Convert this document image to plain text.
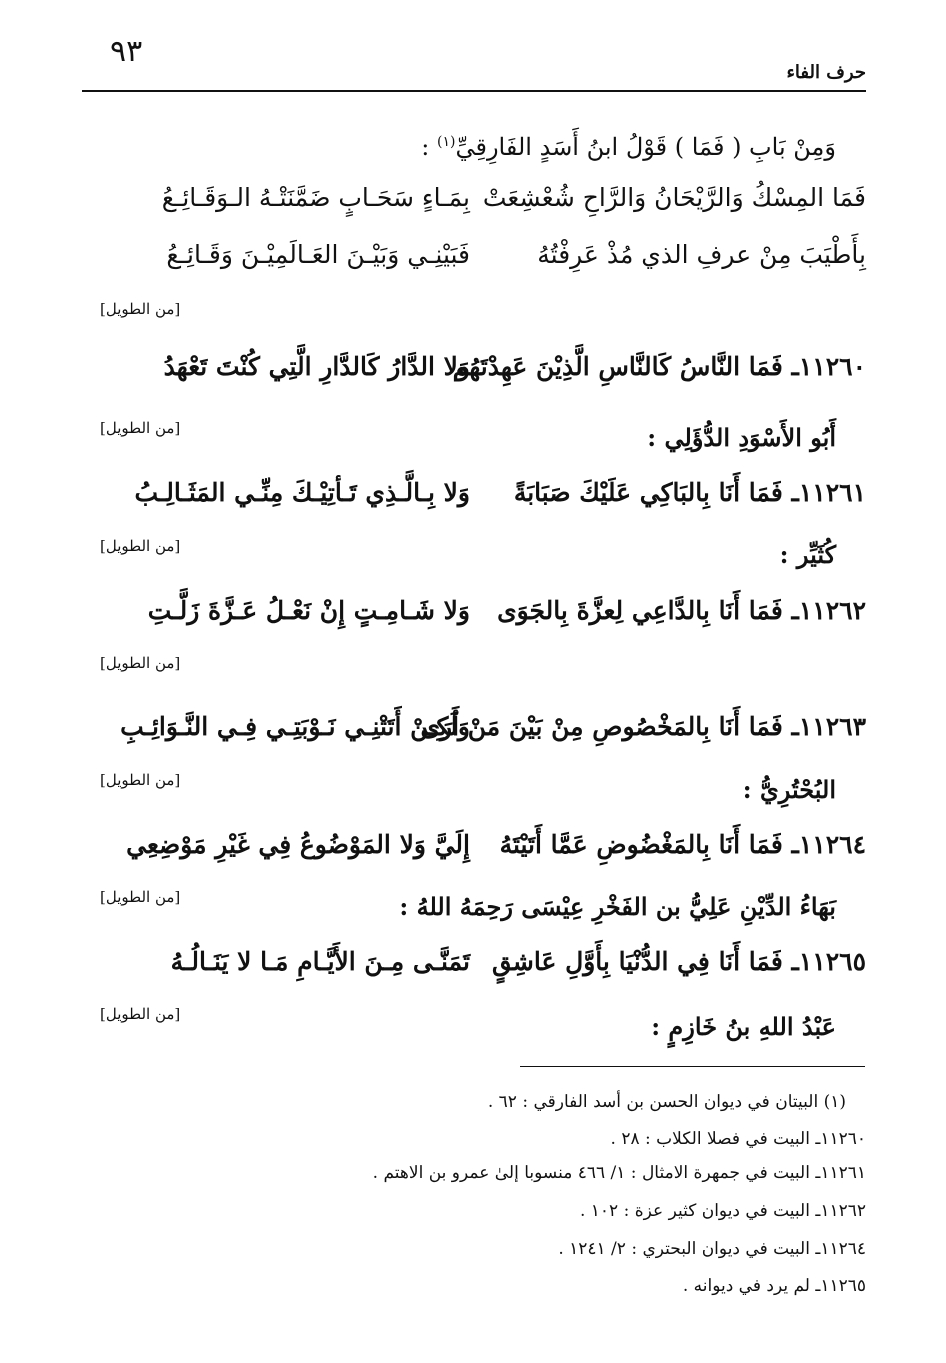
٩٣
حرف الفاء
وَمِنْ بَابِ ( فَمَا ) قَوْلُ ابنُ أَسَدٍ الفَارِقِيِّ$^{(١)}$ :
فَمَا المِسْكُ وَالرَّيْحَانُ وَالرَّاحِ شُعْشِعَتْ
بِمَـاءٍ سَحَـابٍ ضَمَّنَتْـهُ الـوَقَـائِـعُ
بِأَطْيَبَ مِنْ عرفِ الذي مُذْ عَرِفْتُهُ
فَبَيْنِـي وَبَيْـنَ العَـالَمِيْـنَ وَقَـائِـعُ
[من الطويل]
١١٢٦٠ـ فَمَا النَّاسُ كَالنَّاسِ الَّذِيْنَ عَهِدْتَهُم
وَلا الدَّارُ كَالدَّارِ الَّتِي كُنْتَ تَعْهَدُ
أَبُو الأَسْوَدِ الدُّؤَلِي :
[من الطويل]
١١٢٦١ـ فَمَا أَنَا بِالبَاكِي عَلَيْكَ صَبَابَةً
وَلا بِـالَّـذِي تَـأتِيْـكَ مِنِّـي المَثَـالِـبُ
كُثَيِّر :
[من الطويل]
١١٢٦٢ـ فَمَا أَنَا بِالدَّاعِي لِعزَّةَ بِالجَوَى
وَلا شَـامِـتٍ إِنْ نَعْـلُ عَـزَّةَ زَلَّـتِ
[من الطويل]
١١٢٦٣ـ فَمَا أَنَا بِالمَخْصُوصِ مِنْ بَيْنَ مَنْ أَرَى
وَلَكِـنْ أَتَتْنِـي نَـوْبَتِـي فِـي النَّـوَائِـبِ
البُحْتُرِيُّ :
[من الطويل]
١١٢٦٤ـ فَمَا أَنَا بِالمَغْضُوضِ عَمَّا أَتَيْتَهُ
إِلَيَّ وَلا المَوْضُوعُ فِي غَيْرِ مَوْضِعِي
بَهَاءُ الدِّيْنِ عَلِيُّ بن الفَخْرِ عِيْسَى رَحِمَهُ اللهُ :
[من الطويل]
١١٢٦٥ـ فَمَا أَنَا فِي الدُّنْيَا بِأَوَّلِ عَاشِقٍ
تَمَنَّـى مِـنَ الأَيَّـامِ مَـا لا يَنَـالُـهُ
عَبْدُ اللهِ بنُ خَازِمٍ :
[من الطويل]
(١) البيتان في ديوان الحسن بن أسد الفارقي : ٦٢ .
١١٢٦٠ـ البيت في فصلا الكلاب : ٢٨ .
١١٢٦١ـ البيت في جمهرة الامثال : ١/ ٤٦٦ منسوبا إلىٰ عمرو بن الاهتم .
١١٢٦٢ـ البيت في ديوان كثير عزة : ١٠٢ .
١١٢٦٤ـ البيت في ديوان البحتري : ٢/ ١٢٤١ .
١١٢٦٥ـ لم يرد في ديوانه .
